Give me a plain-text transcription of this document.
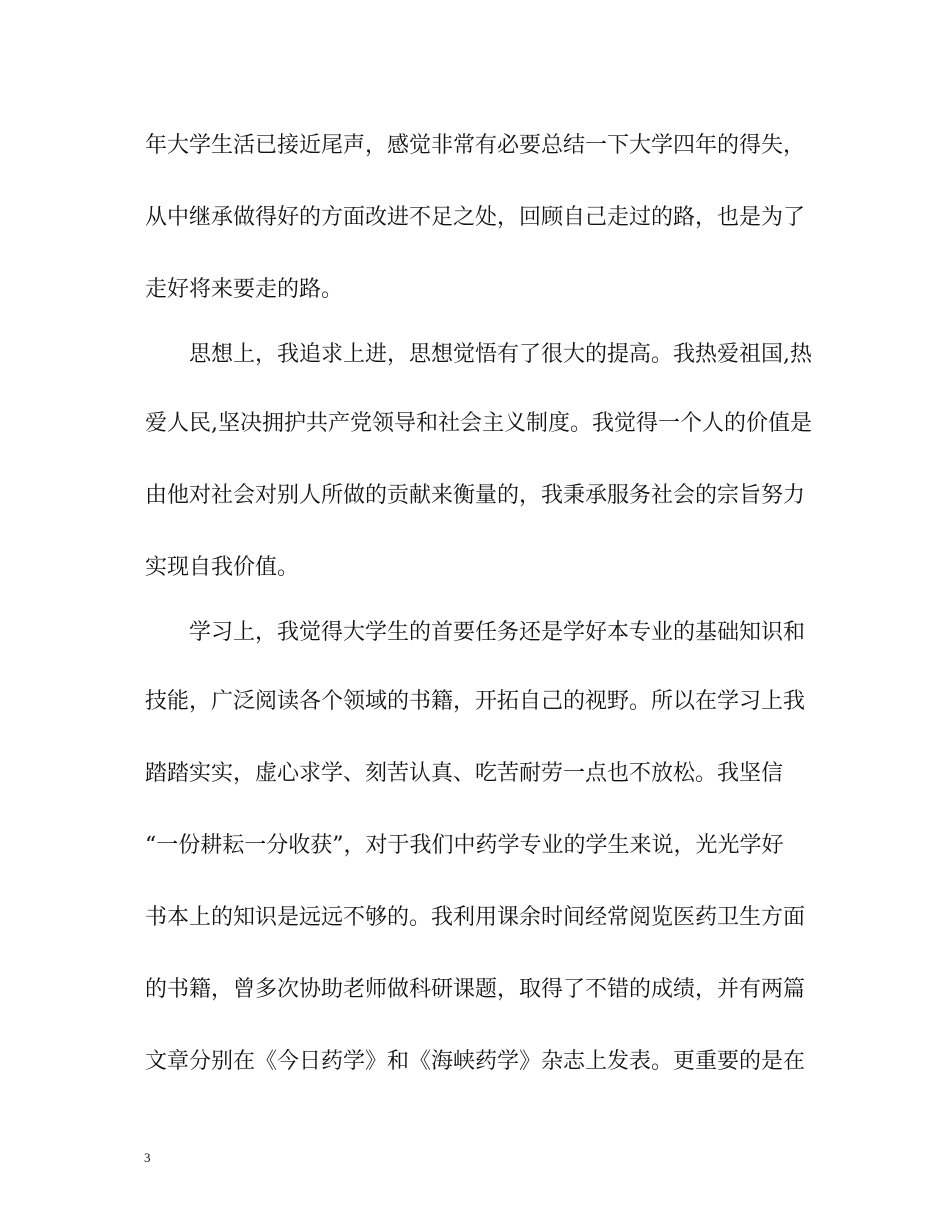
年大学生活已接近尾声，感觉非常有必要总结一下大学四年的得失，
从中继承做得好的方面改进不足之处，回顾自己走过的路，也是为了
走好将来要走的路。
思想上，我追求上进，思想觉悟有了很大的提高。我热爱祖国,热
爱人民,坚决拥护共产党领导和社会主义制度。我觉得一个人的价值是
由他对社会对别人所做的贡献来衡量的，我秉承服务社会的宗旨努力
实现自我价值。
学习上，我觉得大学生的首要任务还是学好本专业的基础知识和
技能，广泛阅读各个领域的书籍，开拓自己的视野。所以在学习上我
踏踏实实，虚心求学、刻苦认真、吃苦耐劳一点也不放松。我坚信
“一份耕耘一分收获”，对于我们中药学专业的学生来说，光光学好
书本上的知识是远远不够的。我利用课余时间经常阅览医药卫生方面
的书籍，曾多次协助老师做科研课题，取得了不错的成绩，并有两篇
文章分别在《今日药学》和《海峡药学》杂志上发表。更重要的是在
3
